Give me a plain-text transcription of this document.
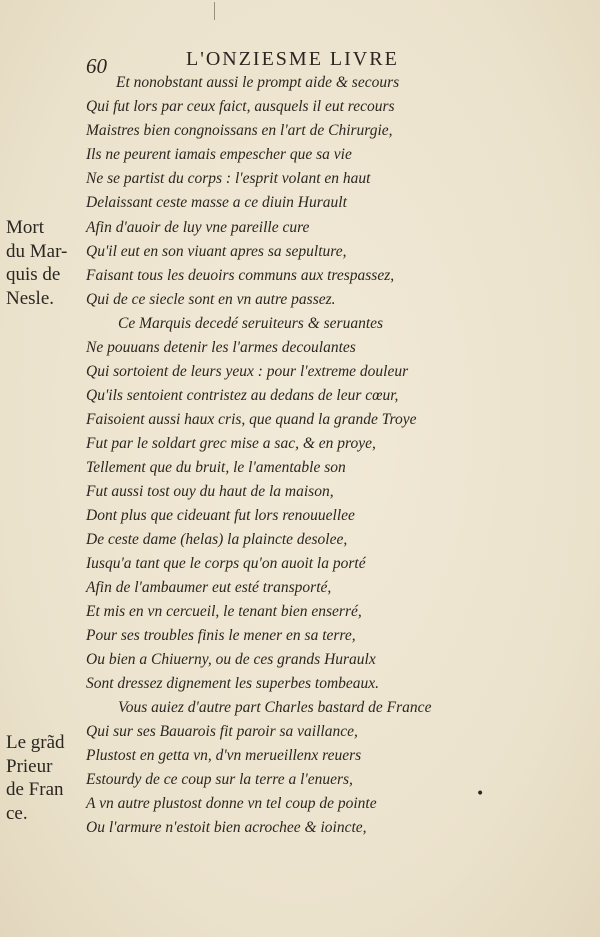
60	L'ONZIESME LIVRE
Mort
du Mar-
quis de
Nesle.
Le grãd
Prieur
de Fran
ce.
Et nonobstant aussi le prompt aide & secours
Qui fut lors par ceux faict, ausquels il eut recours
Maistres bien congnoissans en l'art de Chirurgie,
Ils ne peurent iamais empescher que sa vie
Ne se partist du corps : l'esprit volant en haut
Delaissant ceste masse a ce diuin Hurault
Afin d'auoir de luy vne pareille cure
Qu'il eut en son viuant apres sa sepulture,
Faisant tous les deuoirs communs aux trespassez,
Qui de ce siecle sont en vn autre passez.
Ce Marquis decedé seruiteurs & seruantes
Ne pouuans detenir les l'armes decoulantes
Qui sortoient de leurs yeux : pour l'extreme douleur
Qu'ils sentoient contristez au dedans de leur cœur,
Faisoient aussi haux cris, que quand la grande Troye
Fut par le soldart grec mise a sac, & en proye,
Tellement que du bruit, le l'amentable son
Fut aussi tost ouy du haut de la maison,
Dont plus que cideuant fut lors renouuellee
De ceste dame (helas) la plaincte desolee,
Iusqu'a tant que le corps qu'on auoit la porté
Afin de l'ambaumer eut esté transporté,
Et mis en vn cercueil, le tenant bien enserré,
Pour ses troubles finis le mener en sa terre,
Ou bien a Chiuerny, ou de ces grands Huraulx
Sont dressez dignement les superbes tombeaux.
Vous auiez d'autre part Charles bastard de France
Qui sur ses Bauarois fit paroir sa vaillance,
Plustost en getta vn, d'vn merueillenx reuers
Estourdy de ce coup sur la terre a l'enuers,
A vn autre plustost donne vn tel coup de pointe
Ou l'armure n'estoit bien acrochee & ioincte,
•
